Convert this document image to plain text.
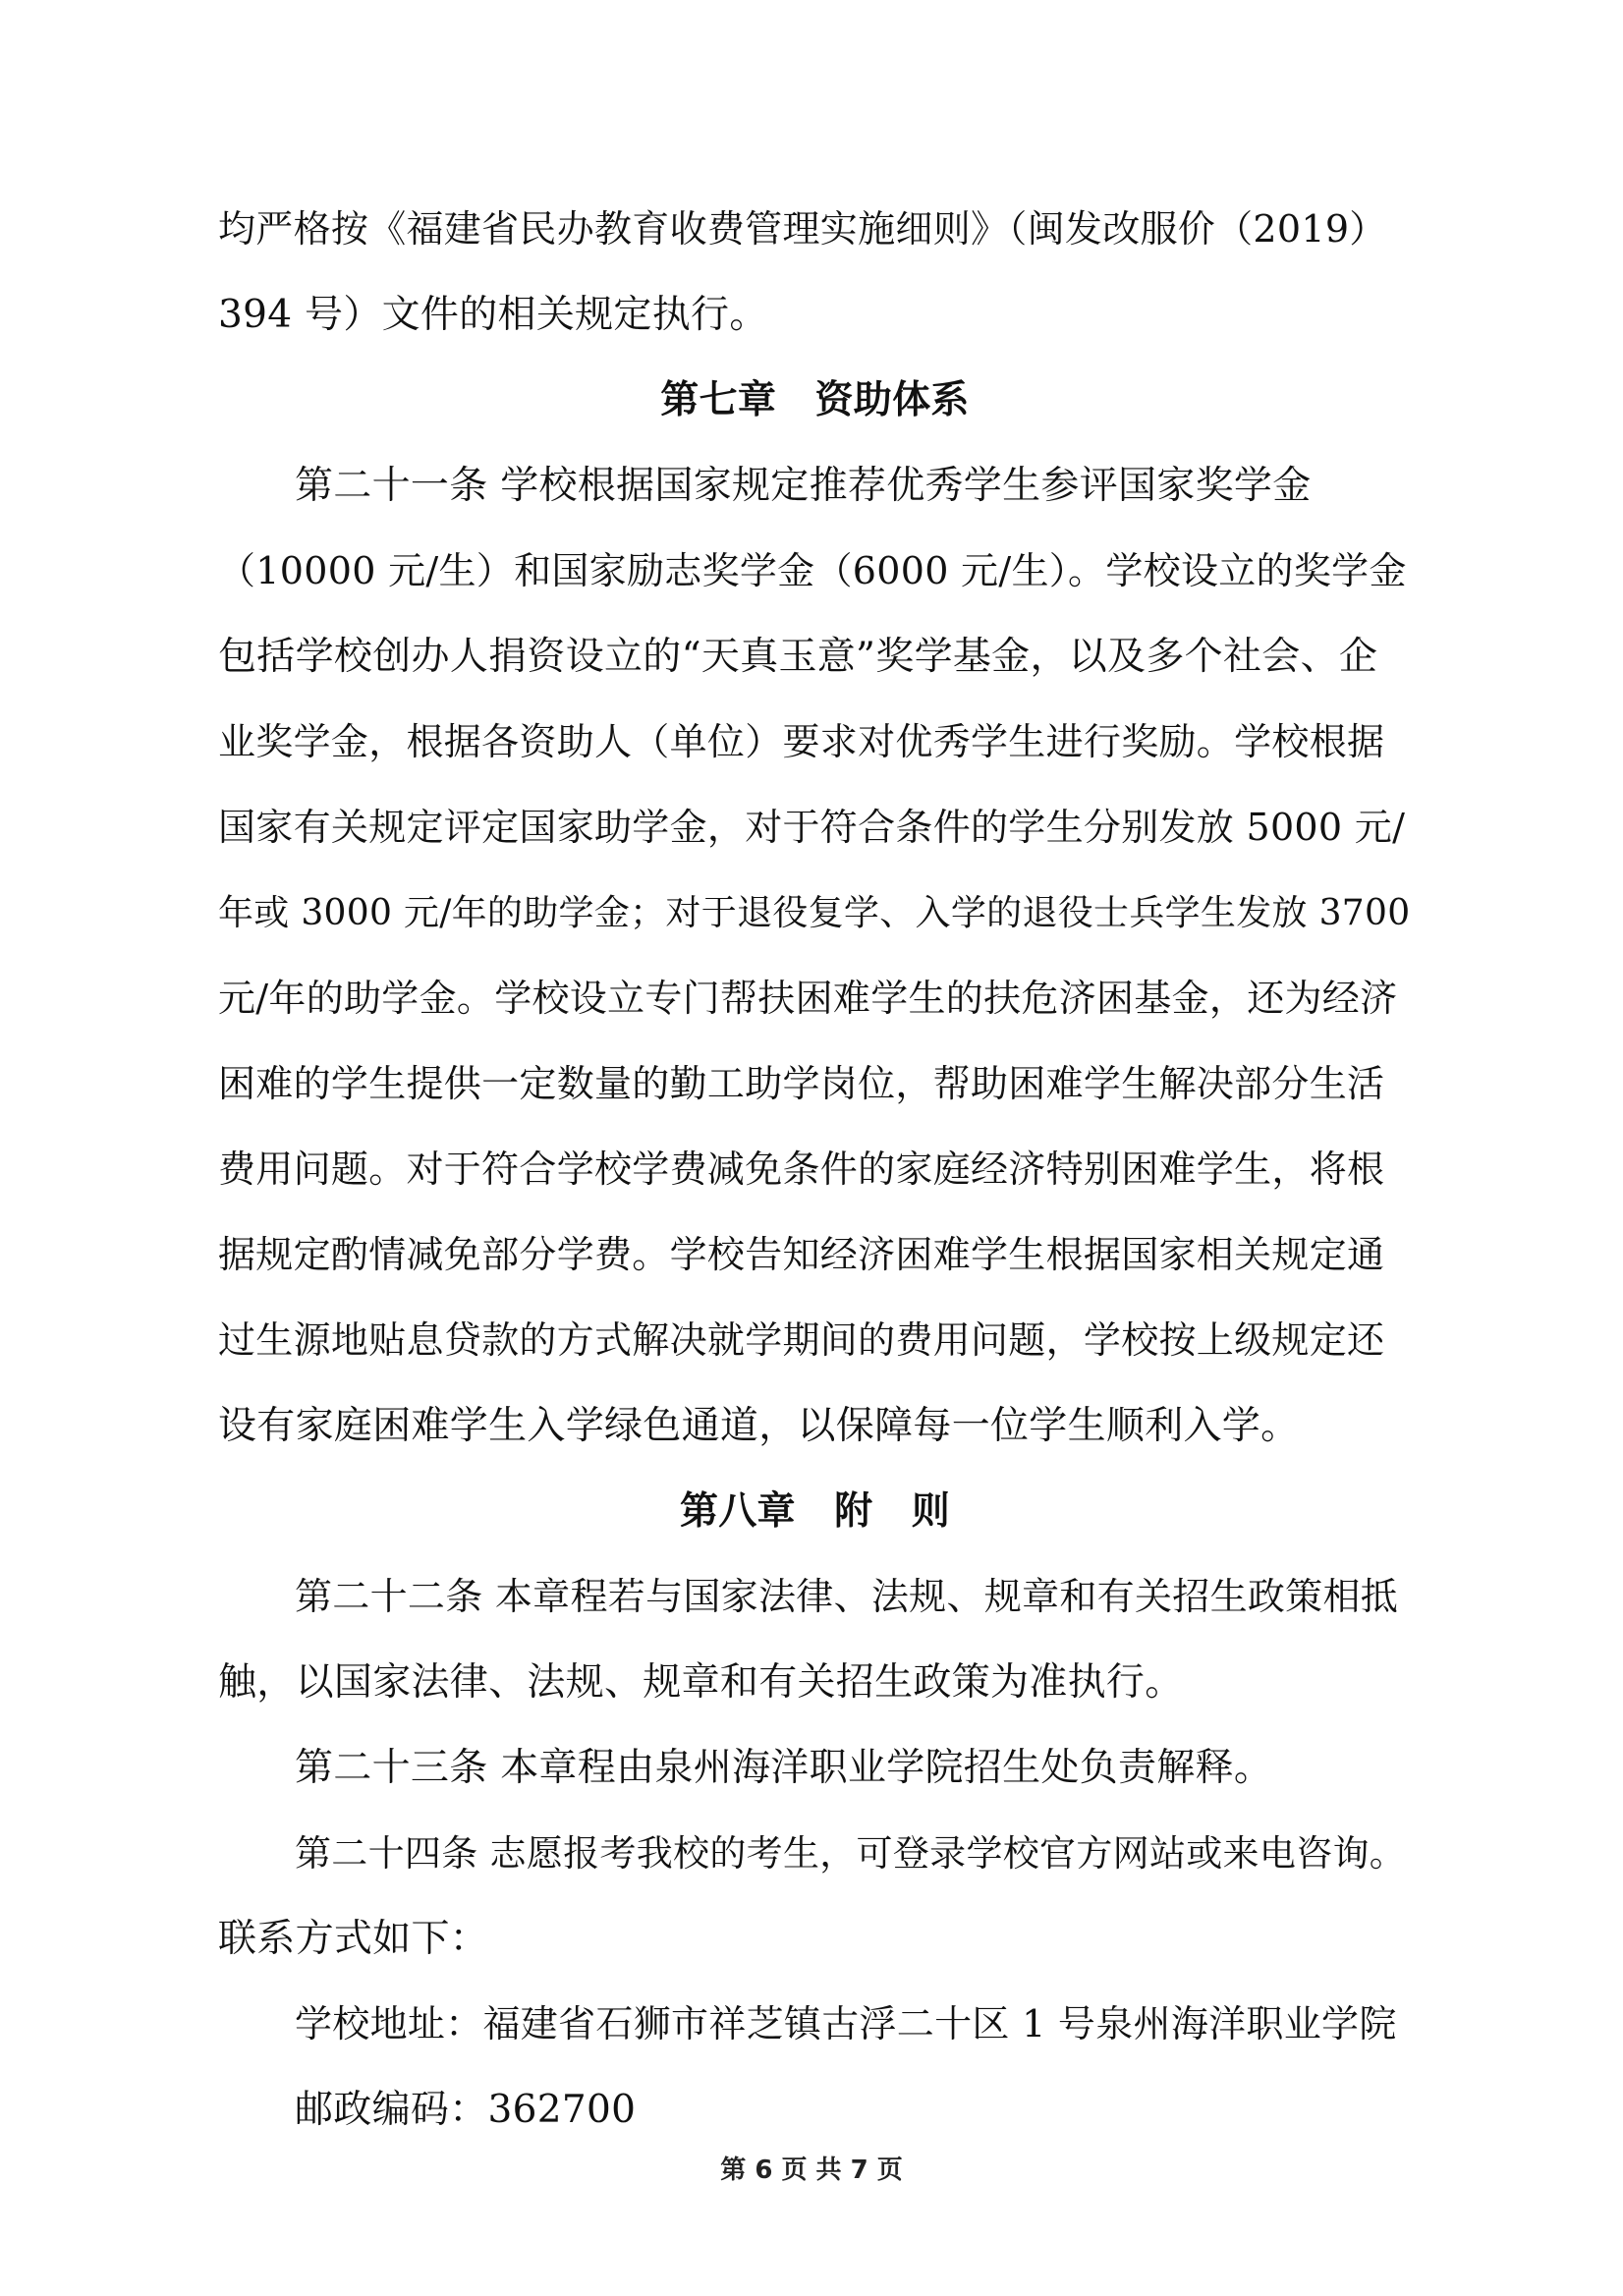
均严格按《福建省民办教育收费管理实施细则》（闽发改服价（2019）
394 号）文件的相关规定执行。
第七章　资助体系
第二十一条 学校根据国家规定推荐优秀学生参评国家奖学金
（10000 元/生）和国家励志奖学金（6000 元/生）。学校设立的奖学金
包括学校创办人捐资设立的“天真玉意”奖学基金，以及多个社会、企
业奖学金，根据各资助人（单位）要求对优秀学生进行奖励。学校根据
国家有关规定评定国家助学金，对于符合条件的学生分别发放 5000 元/
年或 3000 元/年的助学金；对于退役复学、入学的退役士兵学生发放 3700
元/年的助学金。学校设立专门帮扶困难学生的扶危济困基金，还为经济
困难的学生提供一定数量的勤工助学岗位，帮助困难学生解决部分生活
费用问题。对于符合学校学费减免条件的家庭经济特别困难学生，将根
据规定酌情减免部分学费。学校告知经济困难学生根据国家相关规定通
过生源地贴息贷款的方式解决就学期间的费用问题，学校按上级规定还
设有家庭困难学生入学绿色通道，以保障每一位学生顺利入学。
第八章　附　则
第二十二条 本章程若与国家法律、法规、规章和有关招生政策相抵
触，以国家法律、法规、规章和有关招生政策为准执行。
第二十三条 本章程由泉州海洋职业学院招生处负责解释。
第二十四条 志愿报考我校的考生，可登录学校官方网站或来电咨询。
联系方式如下：
学校地址：福建省石狮市祥芝镇古浮二十区 1 号泉州海洋职业学院
邮政编码：362700
第 6 页 共 7 页
